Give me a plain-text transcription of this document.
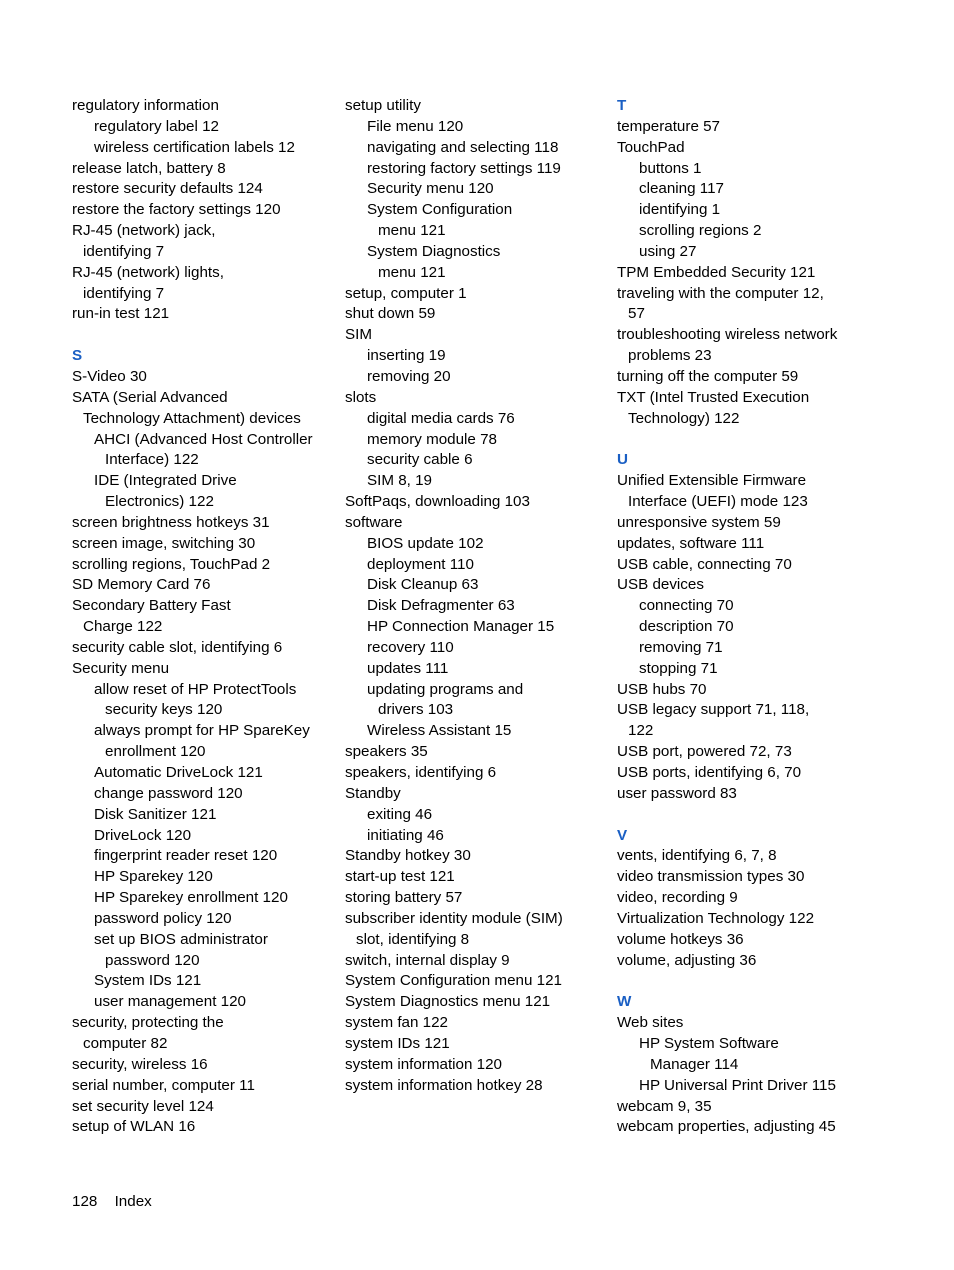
regulatory information
regulatory label 12
wireless certification labels 12
release latch, battery 8
restore security defaults 124
restore the factory settings 120
RJ-45 (network) jack,
identifying 7
RJ-45 (network) lights,
identifying 7
run-in test 121
S
S-Video 30
SATA (Serial Advanced
Technology Attachment) devices
AHCI (Advanced Host Controller
Interface) 122
IDE (Integrated Drive
Electronics) 122
screen brightness hotkeys 31
screen image, switching 30
scrolling regions, TouchPad 2
SD Memory Card 76
Secondary Battery Fast
Charge 122
security cable slot, identifying 6
Security menu
allow reset of HP ProtectTools
security keys 120
always prompt for HP SpareKey
enrollment 120
Automatic DriveLock 121
change password 120
Disk Sanitizer 121
DriveLock 120
fingerprint reader reset 120
HP Sparekey 120
HP Sparekey enrollment 120
password policy 120
set up BIOS administrator
password 120
System IDs 121
user management 120
security, protecting the
computer 82
security, wireless 16
serial number, computer 11
set security level 124
setup of WLAN 16
setup utility
File menu 120
navigating and selecting 118
restoring factory settings 119
Security menu 120
System Configuration
menu 121
System Diagnostics
menu 121
setup, computer 1
shut down 59
SIM
inserting 19
removing 20
slots
digital media cards 76
memory module 78
security cable 6
SIM 8, 19
SoftPaqs, downloading 103
software
BIOS update 102
deployment 110
Disk Cleanup 63
Disk Defragmenter 63
HP Connection Manager 15
recovery 110
updates 111
updating programs and
drivers 103
Wireless Assistant 15
speakers 35
speakers, identifying 6
Standby
exiting 46
initiating 46
Standby hotkey 30
start-up test 121
storing battery 57
subscriber identity module (SIM)
slot, identifying 8
switch, internal display 9
System Configuration menu 121
System Diagnostics menu 121
system fan 122
system IDs 121
system information 120
system information hotkey 28
T
temperature 57
TouchPad
buttons 1
cleaning 117
identifying 1
scrolling regions 2
using 27
TPM Embedded Security 121
traveling with the computer 12,
57
troubleshooting wireless network
problems 23
turning off the computer 59
TXT (Intel Trusted Execution
Technology) 122
U
Unified Extensible Firmware
Interface (UEFI) mode 123
unresponsive system 59
updates, software 111
USB cable, connecting 70
USB devices
connecting 70
description 70
removing 71
stopping 71
USB hubs 70
USB legacy support 71, 118,
122
USB port, powered 72, 73
USB ports, identifying 6, 70
user password 83
V
vents, identifying 6, 7, 8
video transmission types 30
video, recording 9
Virtualization Technology 122
volume hotkeys 36
volume, adjusting 36
W
Web sites
HP System Software
Manager 114
HP Universal Print Driver 115
webcam 9, 35
webcam properties, adjusting 45
128 Index
